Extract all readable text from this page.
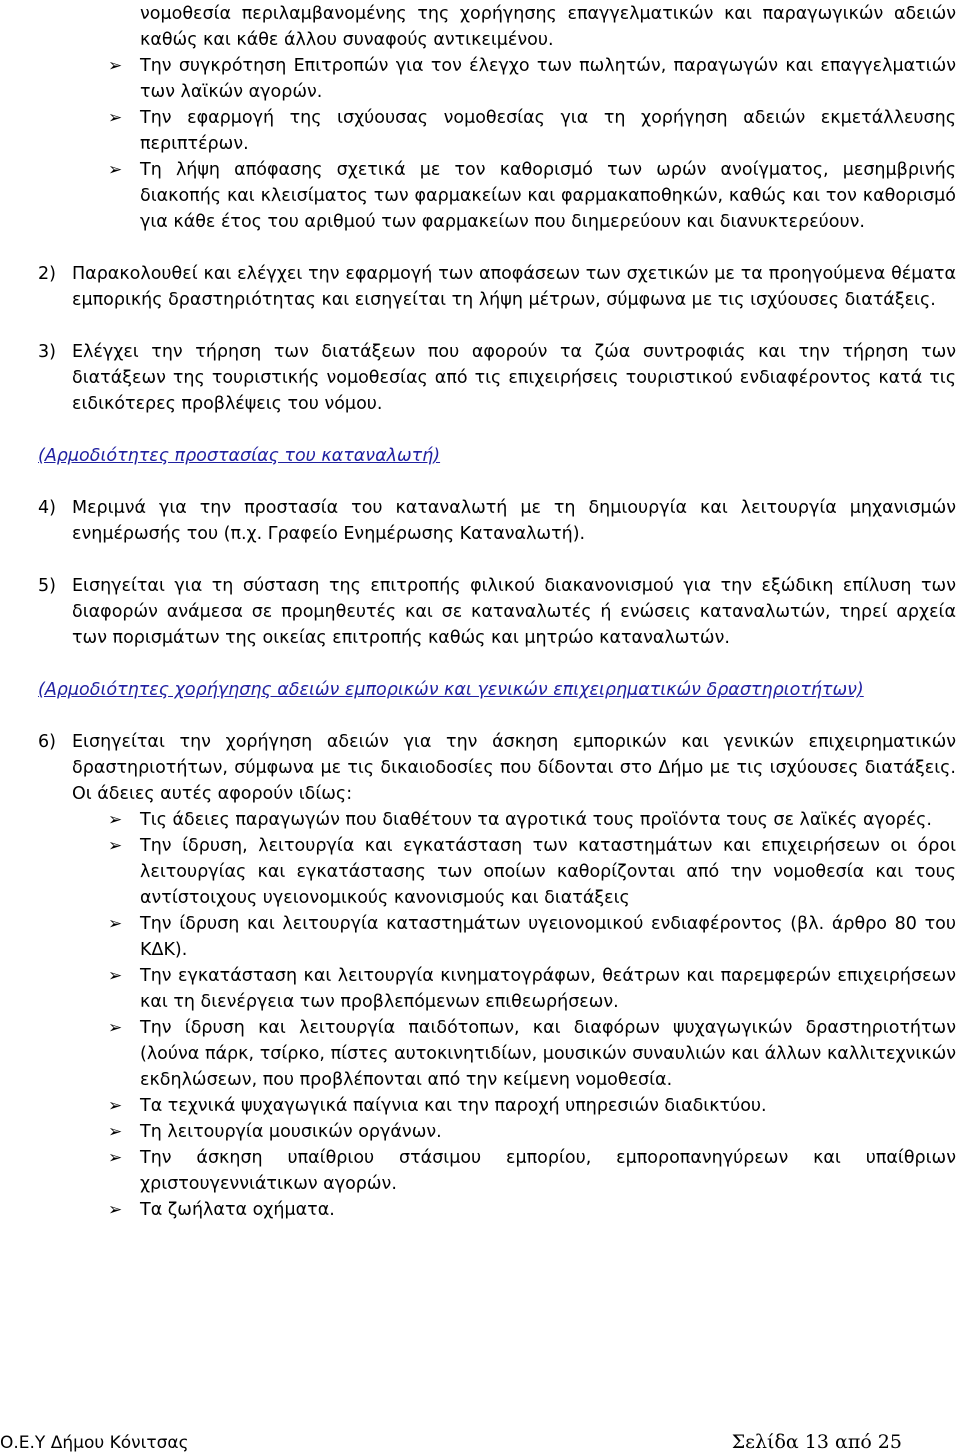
νομοθεσία περιλαμβανομένης της χορήγησης επαγγελματικών και παραγωγικών αδειών καθώς και κάθε άλλου συναφούς αντικειμένου.

➢ Την συγκρότηση Επιτροπών για τον έλεγχο των πωλητών, παραγωγών και επαγγελματιών των λαϊκών αγορών.

➢ Την εφαρμογή της ισχύουσας νομοθεσίας για τη χορήγηση αδειών εκμετάλλευσης περιπτέρων.

➢ Τη λήψη απόφασης σχετικά με τον καθορισμό των ωρών ανοίγματος, μεσημβρινής διακοπής και κλεισίματος των φαρμακείων και φαρμακαποθηκών, καθώς και τον καθορισμό για κάθε έτος του αριθμού των φαρμακείων που διημερεύουν και διανυκτερεύουν.

2) Παρακολουθεί και ελέγχει την εφαρμογή των αποφάσεων των σχετικών με τα προηγούμενα θέματα εμπορικής δραστηριότητας και εισηγείται τη λήψη μέτρων, σύμφωνα με τις ισχύουσες διατάξεις.

3) Ελέγχει την τήρηση των διατάξεων που αφορούν τα ζώα συντροφιάς και την τήρηση των διατάξεων της τουριστικής νομοθεσίας από τις επιχειρήσεις τουριστικού ενδιαφέροντος κατά τις ειδικότερες προβλέψεις του νόμου.

(Αρμοδιότητες προστασίας του καταναλωτή)

4) Μεριμνά για την προστασία του καταναλωτή με τη δημιουργία και λειτουργία μηχανισμών ενημέρωσής του (π.χ. Γραφείο Ενημέρωσης Καταναλωτή).

5) Εισηγείται για τη σύσταση της επιτροπής φιλικού διακανονισμού για την εξώδικη επίλυση των διαφορών ανάμεσα σε προμηθευτές και σε καταναλωτές ή ενώσεις καταναλωτών, τηρεί αρχεία των πορισμάτων της οικείας επιτροπής καθώς και μητρώο καταναλωτών.

(Αρμοδιότητες χορήγησης αδειών εμπορικών και γενικών επιχειρηματικών δραστηριοτήτων)

6) Εισηγείται την χορήγηση αδειών για την άσκηση εμπορικών και γενικών επιχειρηματικών δραστηριοτήτων, σύμφωνα με τις δικαιοδοσίες που δίδονται στο Δήμο με τις ισχύουσες διατάξεις. Οι άδειες αυτές αφορούν ιδίως:

➢ Τις άδειες παραγωγών που διαθέτουν τα αγροτικά τους προϊόντα τους σε λαϊκές αγορές.

➢ Την ίδρυση, λειτουργία και εγκατάσταση των καταστημάτων και επιχειρήσεων οι όροι λειτουργίας και εγκατάστασης των οποίων καθορίζονται από την νομοθεσία και τους αντίστοιχους υγειονομικούς κανονισμούς και διατάξεις

➢ Την ίδρυση και λειτουργία καταστημάτων υγειονομικού ενδιαφέροντος (βλ. άρθρο 80 του ΚΔΚ).

➢ Την εγκατάσταση και λειτουργία κινηματογράφων, θεάτρων και παρεμφερών επιχειρήσεων και τη διενέργεια των προβλεπόμενων επιθεωρήσεων.

➢ Την ίδρυση και λειτουργία παιδότοπων, και διαφόρων ψυχαγωγικών δραστηριοτήτων (λούνα πάρκ, τσίρκο, πίστες αυτοκινητιδίων, μουσικών συναυλιών και άλλων καλλιτεχνικών εκδηλώσεων, που προβλέπονται από την κείμενη νομοθεσία.

➢ Τα τεχνικά ψυχαγωγικά παίγνια και την παροχή υπηρεσιών διαδικτύου.

➢ Τη λειτουργία μουσικών οργάνων.

➢ Την άσκηση υπαίθριου στάσιμου εμπορίου, εμποροπανηγύρεων και υπαίθριων χριστουγεννιάτικων αγορών.

➢ Τα ζωήλατα οχήματα.

Ο.Ε.Υ Δήμου Κόνιτσας	Σελίδα 13 από 25
